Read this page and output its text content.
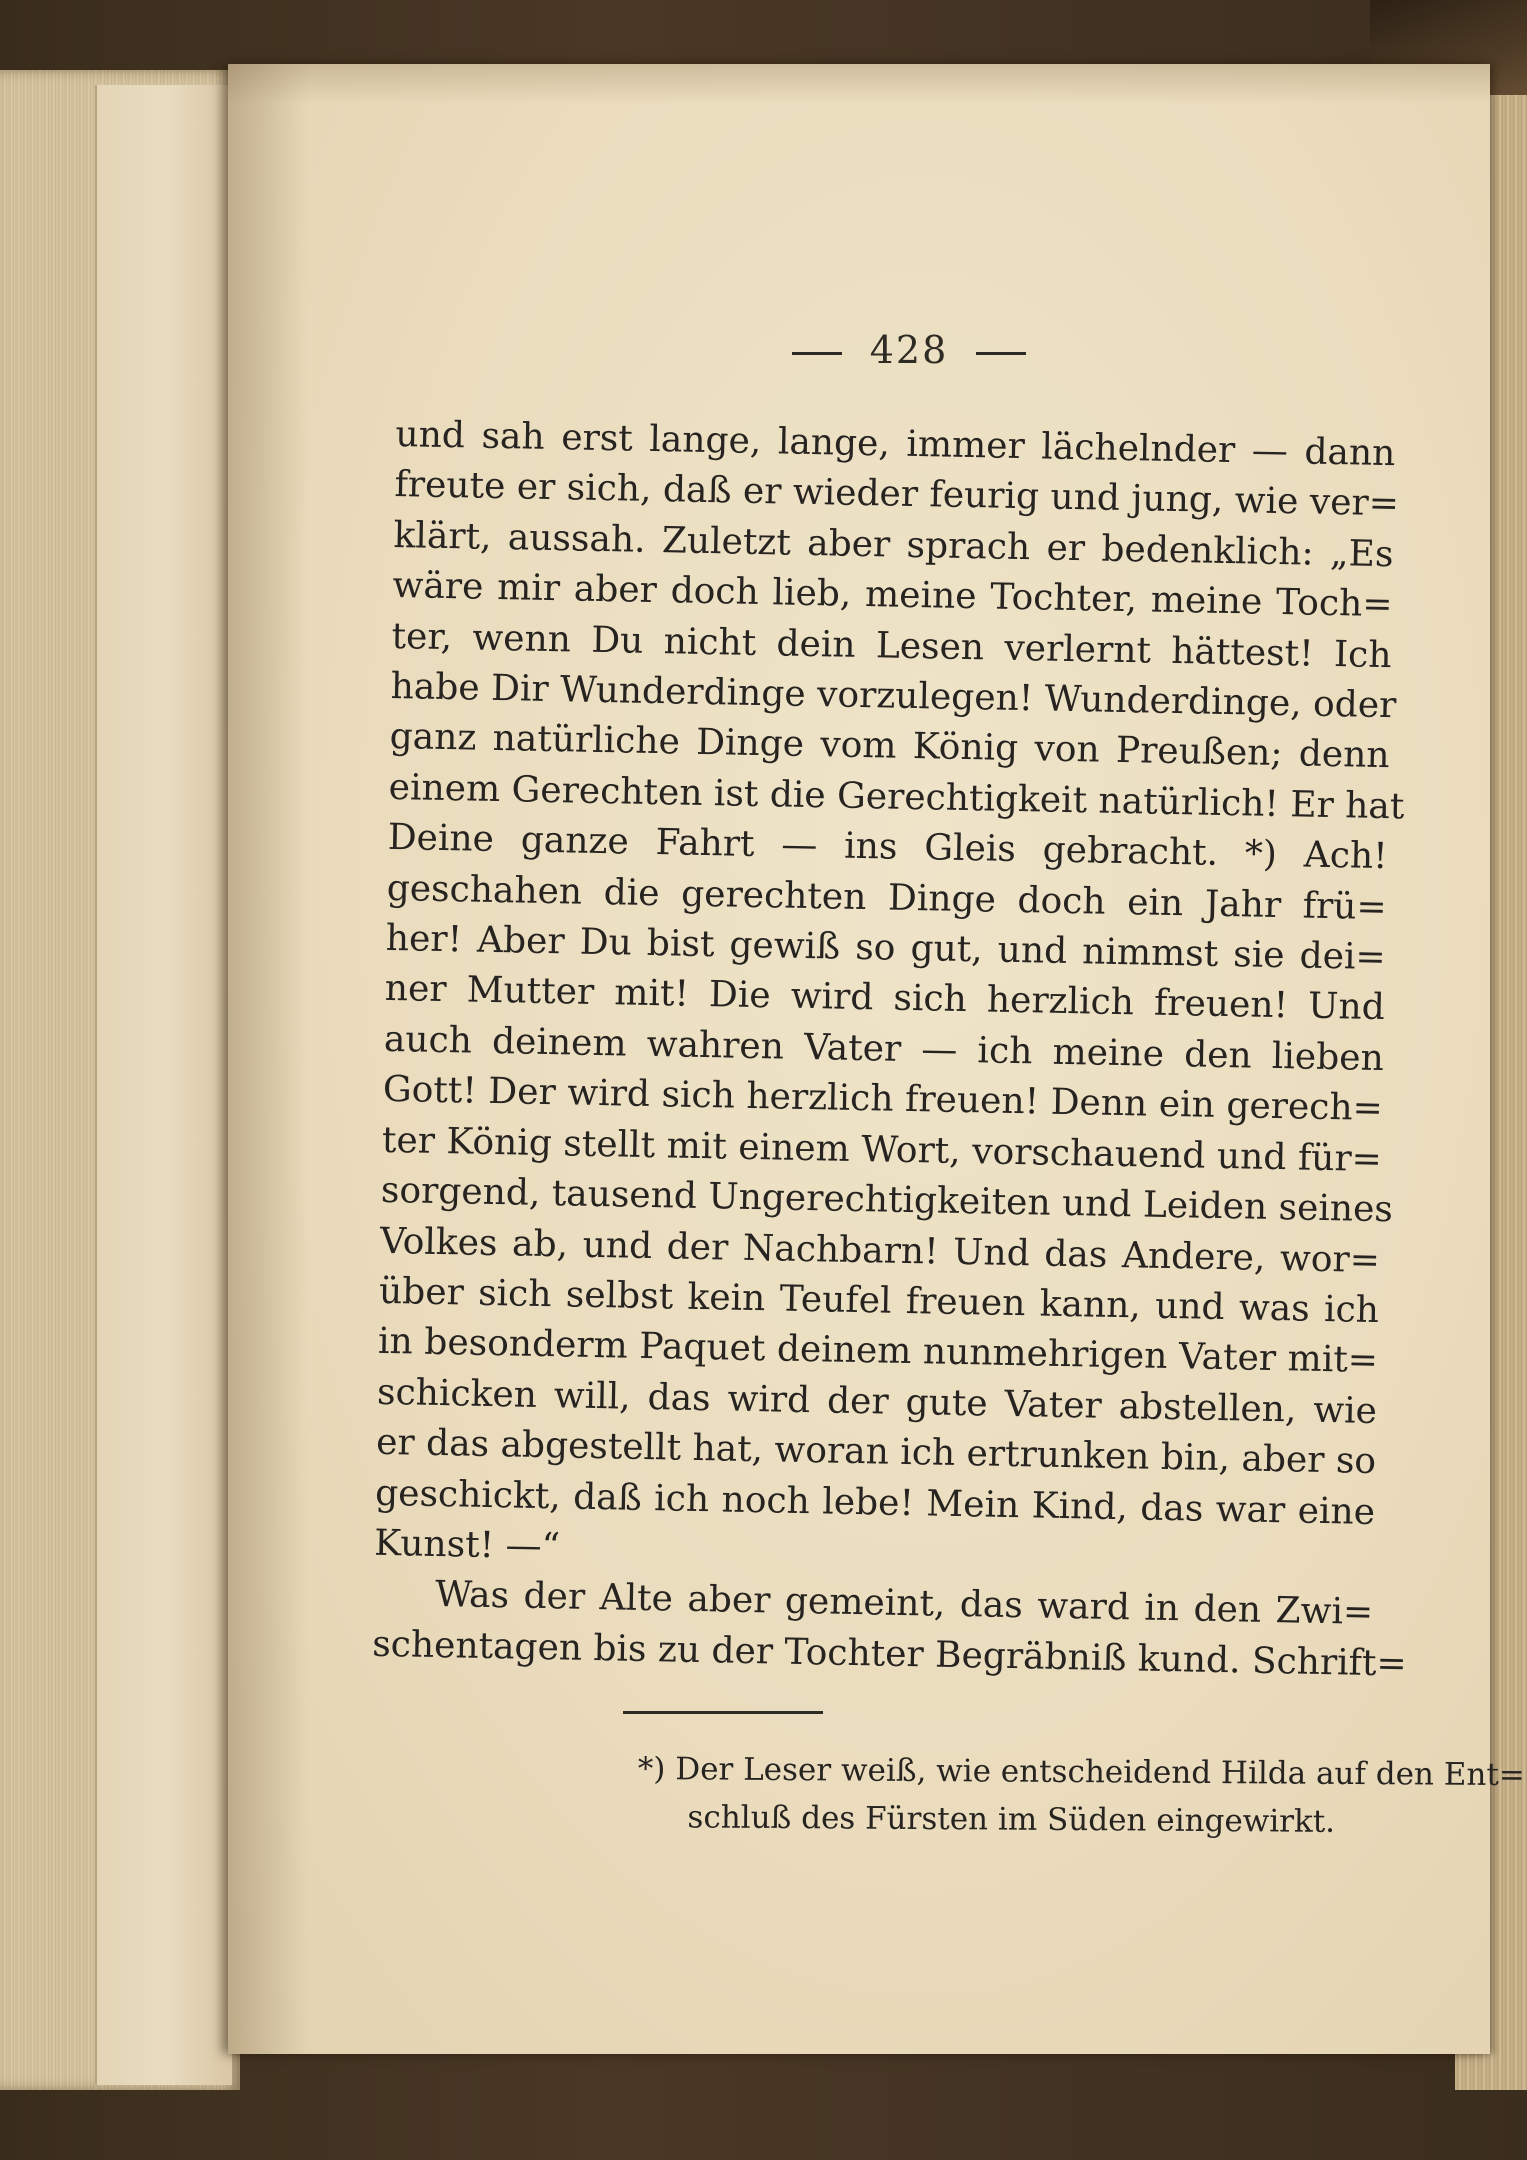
428
und sah erst lange, lange, immer lächelnder — dann
freute er sich, daß er wieder feurig und jung, wie ver=
klärt, aussah. Zuletzt aber sprach er bedenklich: „Es
wäre mir aber doch lieb, meine Tochter, meine Toch=
ter, wenn Du nicht dein Lesen verlernt hättest! Ich
habe Dir Wunderdinge vorzulegen! Wunderdinge, oder
ganz natürliche Dinge vom König von Preußen; denn
einem Gerechten ist die Gerechtigkeit natürlich! Er hat
Deine ganze Fahrt — ins Gleis gebracht. *) Ach!
geschahen die gerechten Dinge doch ein Jahr frü=
her! Aber Du bist gewiß so gut, und nimmst sie dei=
ner Mutter mit! Die wird sich herzlich freuen! Und
auch deinem wahren Vater — ich meine den lieben
Gott! Der wird sich herzlich freuen! Denn ein gerech=
ter König stellt mit einem Wort, vorschauend und für=
sorgend, tausend Ungerechtigkeiten und Leiden seines
Volkes ab, und der Nachbarn! Und das Andere, wor=
über sich selbst kein Teufel freuen kann, und was ich
in besonderm Paquet deinem nunmehrigen Vater mit=
schicken will, das wird der gute Vater abstellen, wie
er das abgestellt hat, woran ich ertrunken bin, aber so
geschickt, daß ich noch lebe! Mein Kind, das war eine
Kunst! —“
Was der Alte aber gemeint, das ward in den Zwi=
schentagen bis zu der Tochter Begräbniß kund. Schrift=
*) Der Leser weiß, wie entscheidend Hilda auf den Ent=
schluß des Fürsten im Süden eingewirkt.
